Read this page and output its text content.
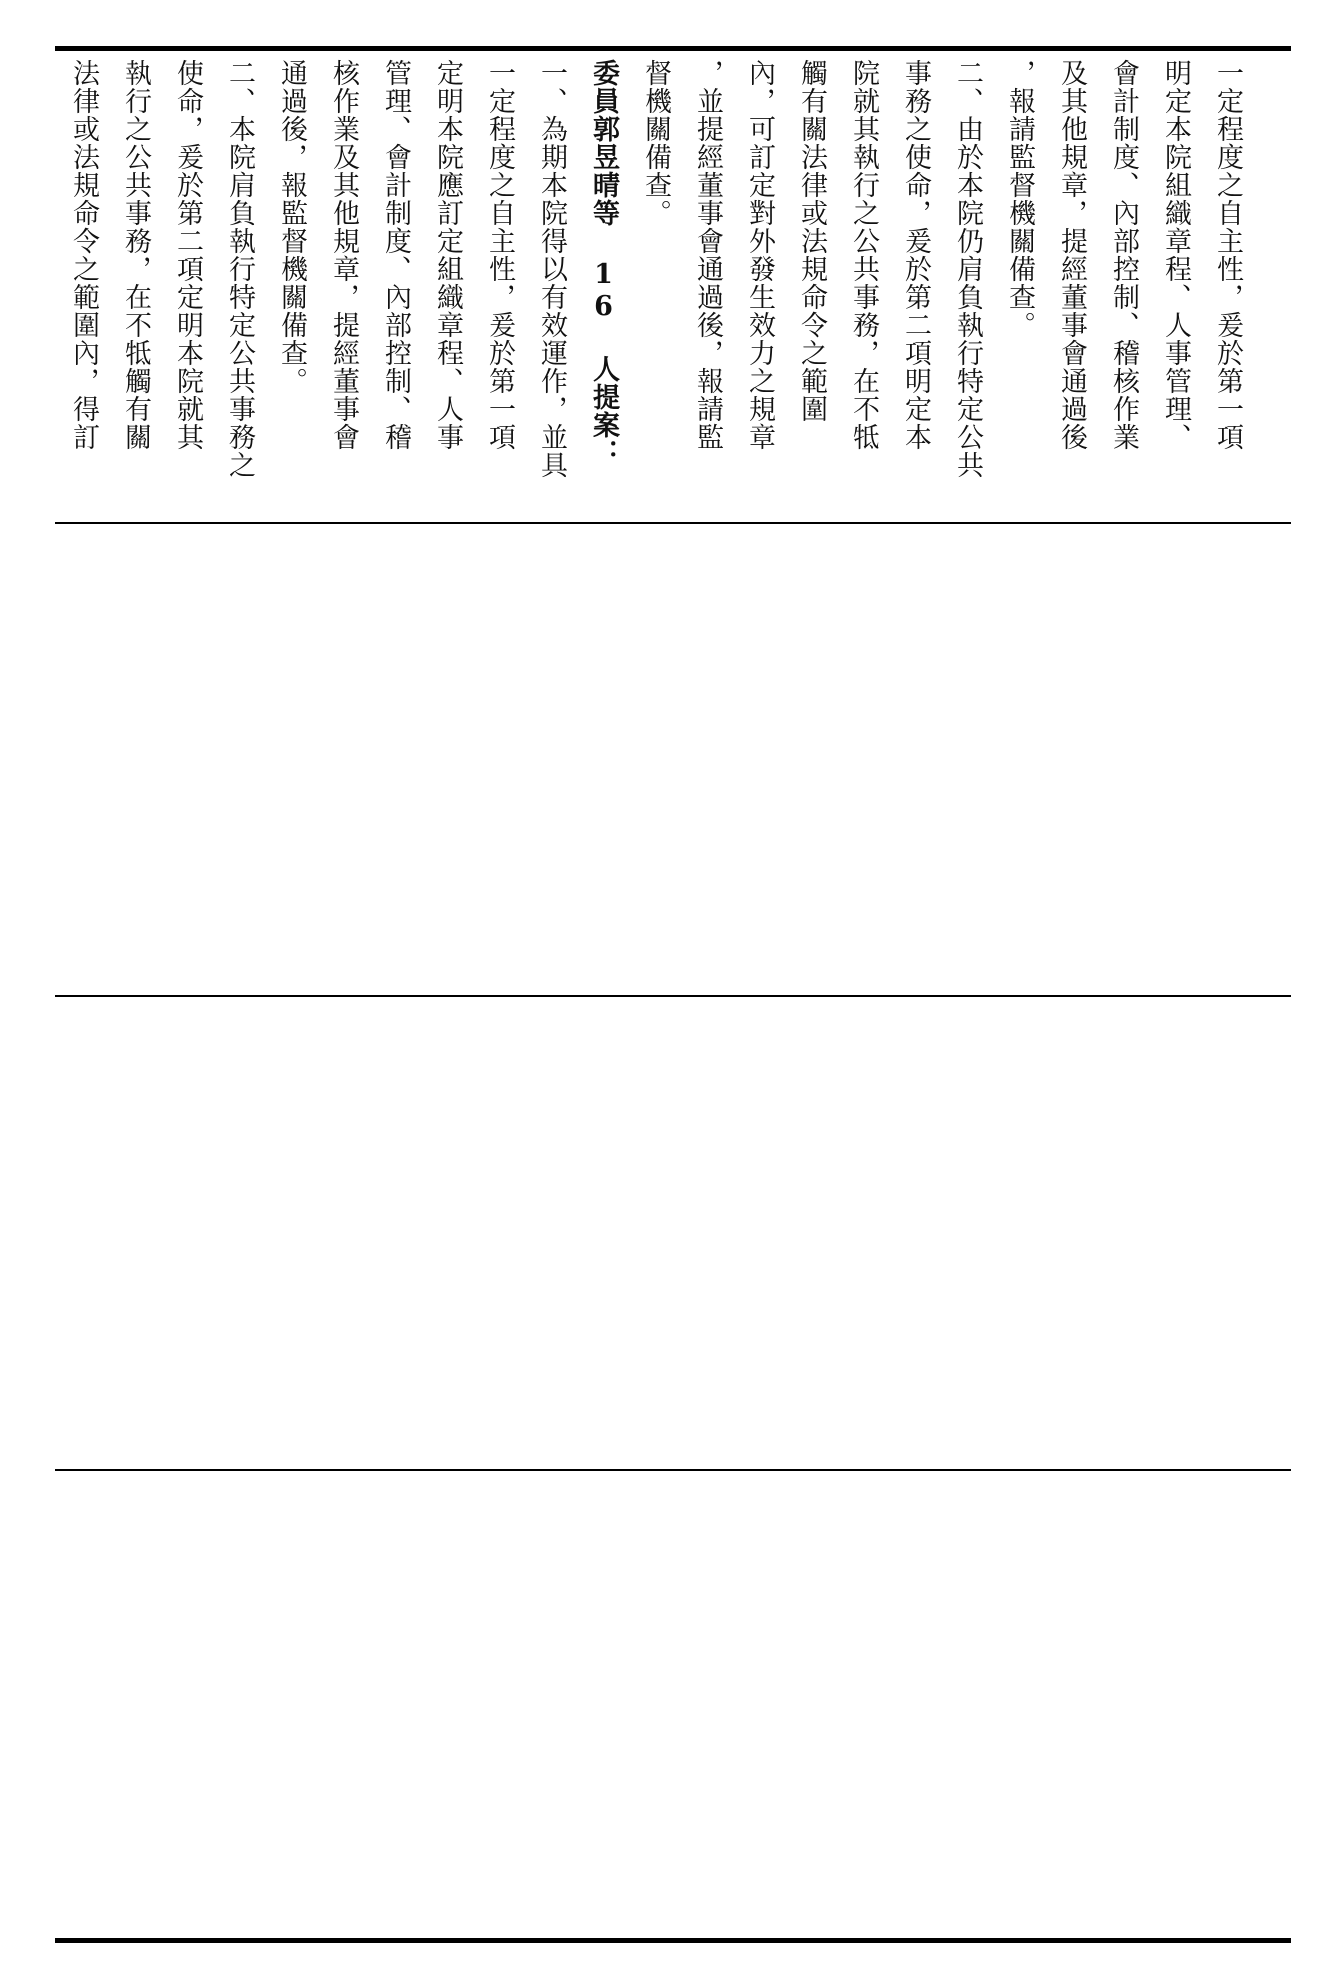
一定程度之自主性，爰於第一項
明定本院組織章程、人事管理、
會計制度、內部控制、稽核作業
及其他規章，提經董事會通過後
，報請監督機關備查。
二、由於本院仍肩負執行特定公共
事務之使命，爰於第二項明定本
院就其執行之公共事務，在不牴
觸有關法律或法規命令之範圍
內，可訂定對外發生效力之規章
，並提經董事會通過後，報請監
督機關備查。
委員郭昱晴等 16 人提案：
一、為期本院得以有效運作，並具
一定程度之自主性，爰於第一項
定明本院應訂定組織章程、人事
管理、會計制度、內部控制、稽
核作業及其他規章，提經董事會
通過後，報監督機關備查。
二、本院肩負執行特定公共事務之
使命，爰於第二項定明本院就其
執行之公共事務，在不牴觸有關
法律或法規命令之範圍內，得訂
